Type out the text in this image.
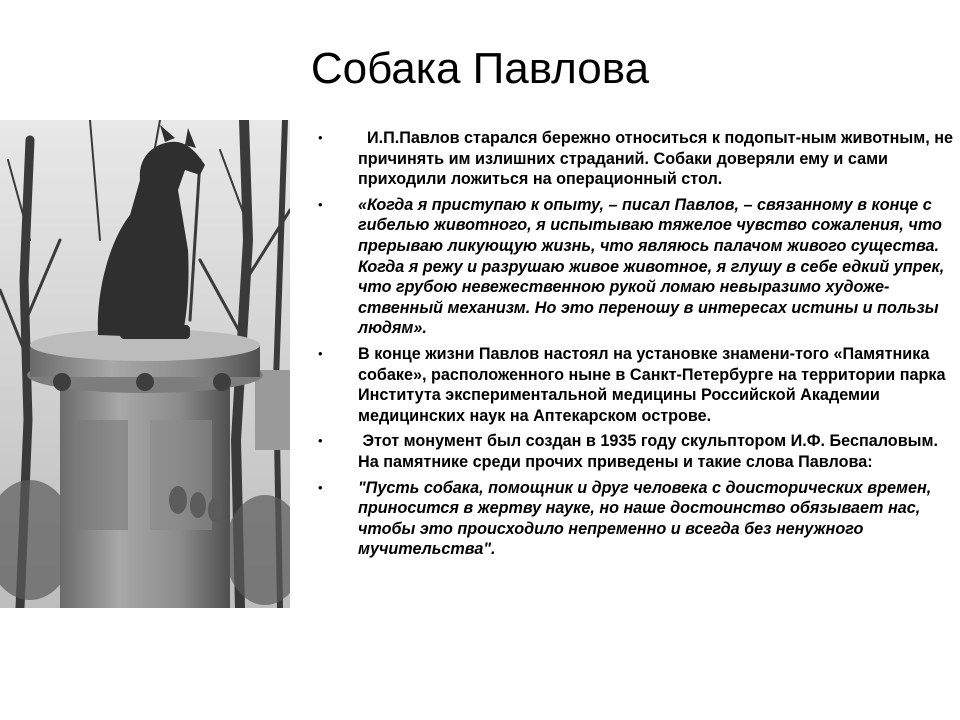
Собака Павлова
• И.П.Павлов старался бережно относиться к подопыт-ным животным, не причинять им излишних страданий. Собаки доверяли ему и сами приходили ложиться на операционный стол.
• «Когда я приступаю к опыту, – писал Павлов, – связанному в конце с гибелью животного, я испытываю тяжелое чувство сожаления, что прерываю ликующую жизнь, что являюсь палачом живого существа. Когда я режу и разрушаю живое животное, я глушу в себе едкий упрек, что грубою невежественною рукой ломаю невыразимо художе-ственный механизм. Но это переношу в интересах истины и пользы людям».
• В конце жизни Павлов настоял на установке знамени-того «Памятника собаке», расположенного ныне в Санкт-Петербурге на территории парка Института экспериментальной медицины Российской Академии медицинских наук на Аптекарском острове.
• Этот монумент был создан в 1935 году скульптором И.Ф. Беспаловым. На памятнике среди прочих приведены и такие слова Павлова:
• "Пусть собака, помощник и друг человека с доисторических времен, приносится в жертву науке, но наше достоинство обязывает нас, чтобы это происходило непременно и всегда без ненужного  мучительства".
